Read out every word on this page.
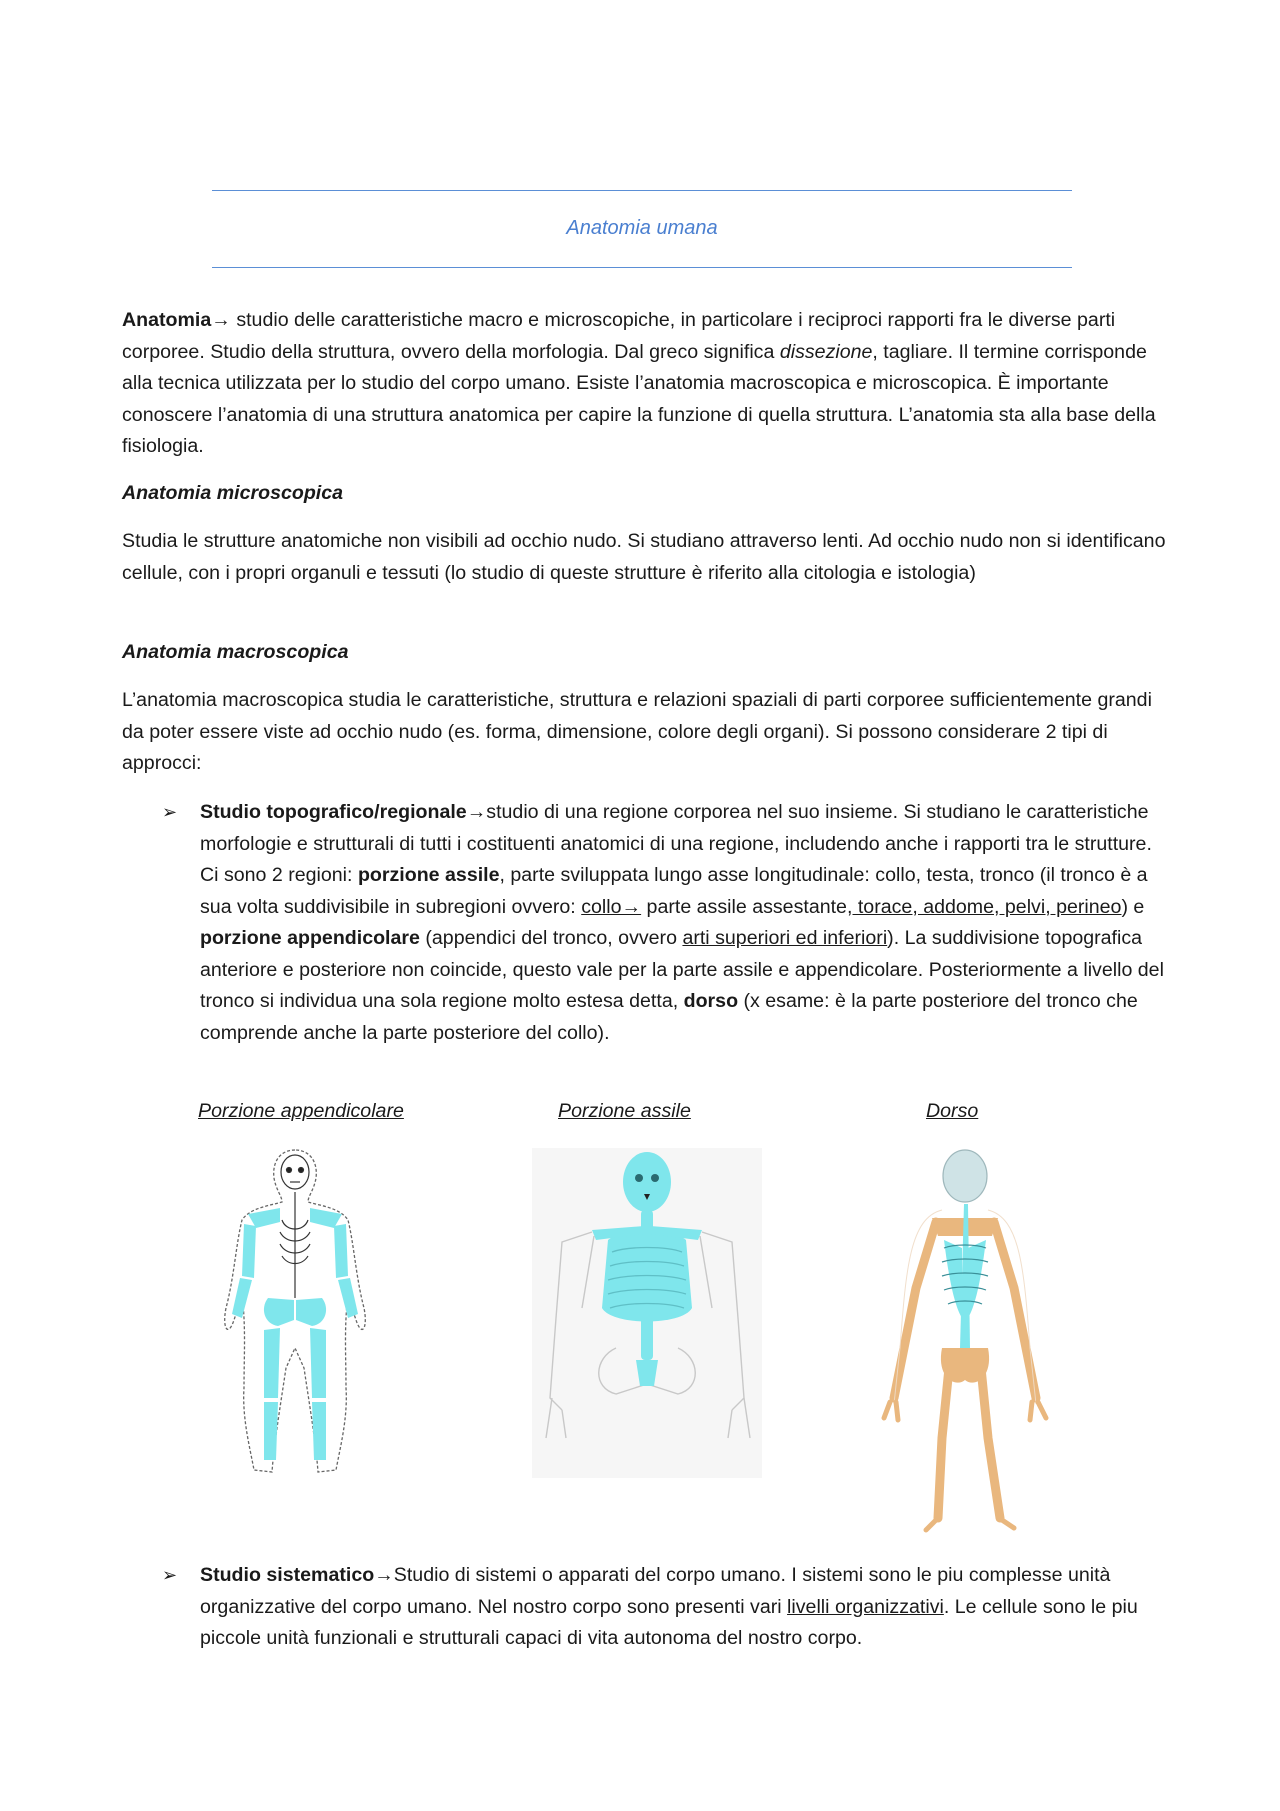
Anatomia umana

Anatomia→ studio delle caratteristiche macro e microscopiche, in particolare i reciproci rapporti fra le diverse parti corporee. Studio della struttura, ovvero della morfologia. Dal greco significa dissezione, tagliare. Il termine corrisponde alla tecnica utilizzata per lo studio del corpo umano. Esiste l’anatomia macroscopica e microscopica. È importante conoscere l’anatomia di una struttura anatomica per capire la funzione di quella struttura. L’anatomia sta alla base della fisiologia.

Anatomia microscopica

Studia le strutture anatomiche non visibili ad occhio nudo. Si studiano attraverso lenti. Ad occhio nudo non si identificano cellule, con i propri organuli e tessuti (lo studio di queste strutture è riferito alla citologia e istologia)

Anatomia macroscopica

L’anatomia macroscopica studia le caratteristiche, struttura e relazioni spaziali di parti corporee sufficientemente grandi da poter essere viste ad occhio nudo (es. forma, dimensione, colore degli organi). Si possono considerare 2 tipi di approcci:

➢ Studio topografico/regionale→studio di una regione corporea nel suo insieme. Si studiano le caratteristiche morfologie e strutturali di tutti i costituenti anatomici di una regione, includendo anche i rapporti tra le strutture. Ci sono 2 regioni: porzione assile, parte sviluppata lungo asse longitudinale: collo, testa, tronco (il tronco è a sua volta suddivisibile in subregioni ovvero: collo→ parte assile assestante, torace, addome, pelvi, perineo) e porzione appendicolare (appendici del tronco, ovvero arti superiori ed inferiori). La suddivisione topografica anteriore e posteriore non coincide, questo vale per la parte assile e appendicolare. Posteriormente a livello del tronco si individua una sola regione molto estesa detta, dorso (x esame: è la parte posteriore del tronco che comprende anche la parte posteriore del collo).
Porzione appendicolare	Porzione assile	Dorso
➢ Studio sistematico→Studio di sistemi o apparati del corpo umano. I sistemi sono le piu complesse unità organizzative del corpo umano. Nel nostro corpo sono presenti vari livelli organizzativi. Le cellule sono le piu piccole unità funzionali e strutturali capaci di vita autonoma del nostro corpo.
